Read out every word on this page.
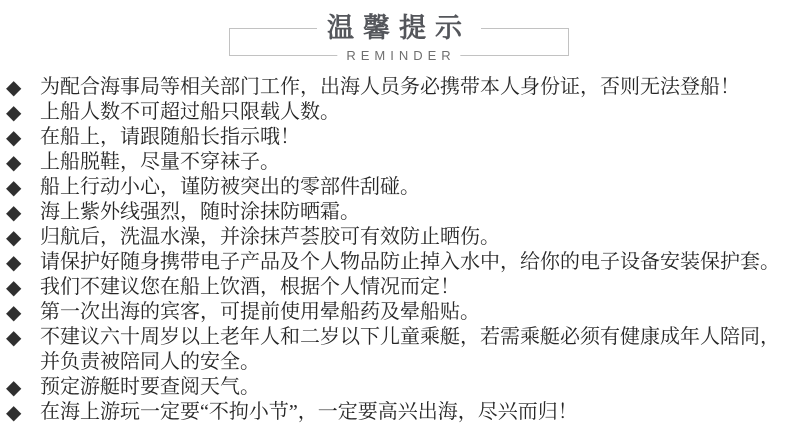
温馨提示
REMINDER
◆ 为配合海事局等相关部门工作，出海人员务必携带本人身份证，否则无法登船！
◆ 上船人数不可超过船只限载人数。
◆ 在船上，请跟随船长指示哦！
◆ 上船脱鞋，尽量不穿袜子。
◆ 船上行动小心，谨防被突出的零部件刮碰。
◆ 海上紫外线强烈，随时涂抹防晒霜。
◆ 归航后，洗温水澡，并涂抹芦荟胶可有效防止晒伤。
◆ 请保护好随身携带电子产品及个人物品防止掉入水中，给你的电子设备安装保护套。
◆ 我们不建议您在船上饮酒，根据个人情况而定！
◆ 第一次出海的宾客，可提前使用晕船药及晕船贴。
◆ 不建议六十周岁以上老年人和二岁以下儿童乘艇，若需乘艇必须有健康成年人陪同，并负责被陪同人的安全。
◆ 预定游艇时要查阅天气。
◆ 在海上游玩一定要“不拘小节”，一定要高兴出海，尽兴而归！
